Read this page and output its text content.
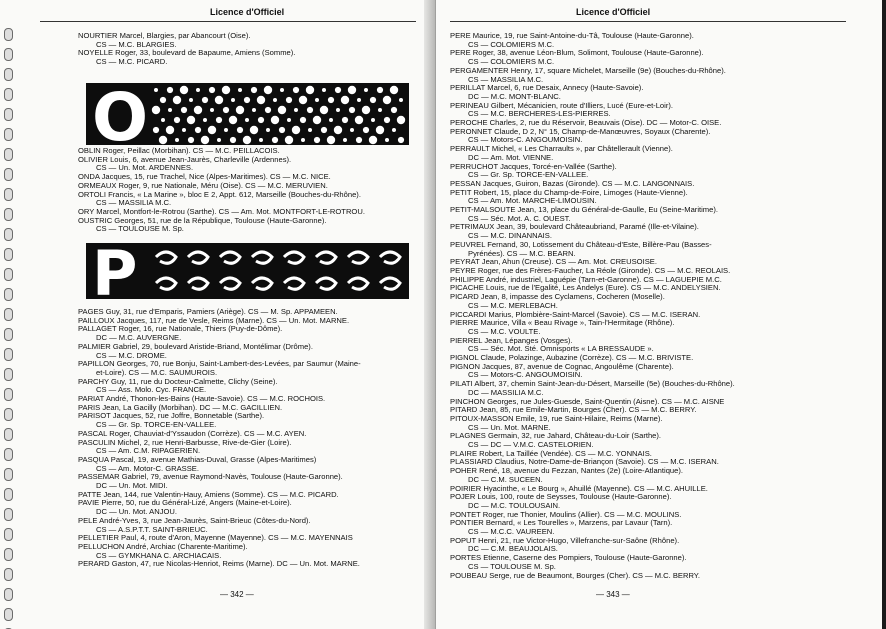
Licence d'Officiel
NOURTIER Marcel, Blargies, par Abancourt (Oise).
CS — M.C. BLARGIES.
NOYELLE Roger, 33, boulevard de Bapaume, Amiens (Somme).
CS — M.C. PICARD.
O
OBLIN Roger, Peillac (Morbihan). CS — M.C. PEILLACOIS.
OLIVIER Louis, 6, avenue Jean-Jaurès, Charleville (Ardennes).
CS — Un. Mot. ARDENNES.
ONDA Jacques, 15, rue Trachel, Nice (Alpes-Maritimes). CS — M.C. NICE.
ORMEAUX Roger, 9, rue Nationale, Méru (Oise). CS — M.C. MERUVIEN.
ORTOLI Francis, « La Marine », bloc E 2, Appt. 612, Marseille (Bouches-du-Rhône).
CS — MASSILIA M.C.
ORY Marcel, Montfort-le-Rotrou (Sarthe). CS — Am. Mot. MONTFORT-LE-ROTROU.
OUSTRIC Georges, 51, rue de la République, Toulouse (Haute-Garonne).
CS — TOULOUSE M. Sp.
P
PAGES Guy, 31, rue d'Emparis, Pamiers (Ariège). CS — M. Sp. APPAMEEN.
PAILLOUX Jacques, 117, rue de Vesle, Reims (Marne). CS — Un. Mot. MARNE.
PALLAGET Roger, 16, rue Nationale, Thiers (Puy-de-Dôme).
DC — M.C. AUVERGNE.
PALMIER Gabriel, 29, boulevard Aristide-Briand, Montélimar (Drôme).
CS — M.C. DROME.
PAPILLON Georges, 70, rue Bonju, Saint-Lambert-des-Levées, par Saumur (Maine-
et-Loire). CS — M.C. SAUMUROIS.
PARCHY Guy, 11, rue du Docteur-Calmette, Clichy (Seine).
CS — Ass. Molo. Cyc. FRANCE.
PARIAT André, Thonon-les-Bains (Haute-Savoie). CS — M.C. ROCHOIS.
PARIS Jean, La Gacilly (Morbihan). DC — M.C. GACILLIEN.
PARISOT Jacques, 52, rue Joffre, Bonnetable (Sarthe).
CS — Gr. Sp. TORCE-EN-VALLEE.
PASCAL Roger, Chauviat-d'Yssaudon (Corrèze). CS — M.C. AYEN.
PASCULIN Michel, 2, rue Henri-Barbusse, Rive-de-Gier (Loire).
CS — Am. C.M. RIPAGERIEN.
PASQUA Pascal, 19, avenue Mathias-Duval, Grasse (Alpes-Maritimes)
CS — Am. Motor-C. GRASSE.
PASSEMAR Gabriel, 79, avenue Raymond-Navès, Toulouse (Haute-Garonne).
DC — Un. Mot. MIDI.
PATTE Jean, 144, rue Valentin-Hauy, Amiens (Somme). CS — M.C. PICARD.
PAVIE Pierre, 50, rue du Général-Lizé, Angers (Maine-et-Loire).
DC — Un. Mot. ANJOU.
PELE André-Yves, 3, rue Jean-Jaurès, Saint-Brieuc (Côtes-du-Nord).
CS — A.S.P.T.T. SAINT-BRIEUC.
PELLETIER Paul, 4, route d'Aron, Mayenne (Mayenne). CS — M.C. MAYENNAIS
PELLUCHON André, Archiac (Charente-Maritime).
CS — GYMKHANA C. ARCHIACAIS.
PERARD Gaston, 47, rue Nicolas-Henriot, Reims (Marne). DC — Un. Mot. MARNE.
— 342 —
Licence d'Officiel
PERE Maurice, 19, rue Saint-Antoine-du-Tâ, Toulouse (Haute-Garonne).
CS — COLOMIERS M.C.
PERE Roger, 38, avenue Léon-Blum, Solimont, Toulouse (Haute-Garonne).
CS — COLOMIERS M.C.
PERGAMENTER Henry, 17, square Michelet, Marseille (9e) (Bouches-du-Rhône).
CS — MASSILIA M.C.
PERILLAT Marcel, 6, rue Desaix, Annecy (Haute-Savoie).
DC — M.C. MONT-BLANC.
PERINEAU Gilbert, Mécanicien, route d'Illiers, Lucé (Eure-et-Loir).
CS — M.C. BERCHERES-LES-PIERRES.
PEROCHE Charles, 2, rue du Réservoir, Beauvais (Oise). DC — Motor-C. OISE.
PERONNET Claude, D 2, N° 15, Champ-de-Manœuvres, Soyaux (Charente).
CS — Motors-C. ANGOUMOISIN.
PERRAULT Michel, « Les Charraults », par Châtellerault (Vienne).
DC — Am. Mot. VIENNE.
PERRUCHOT Jacques, Torcé-en-Vallée (Sarthe).
CS — Gr. Sp. TORCE-EN-VALLEE.
PESSAN Jacques, Guiron, Bazas (Gironde). CS — M.C. LANGONNAIS.
PETIT Robert, 15, place du Champ-de-Foire, Limoges (Haute-Vienne).
CS — Am. Mot. MARCHE-LIMOUSIN.
PETIT-MALSOUTE Jean, 13, place du Général-de-Gaulle, Eu (Seine-Maritime).
CS — Séc. Mot. A. C. OUEST.
PETRIMAUX Jean, 39, boulevard Châteaubriand, Paramé (Ille-et-Vilaine).
CS — M.C. DINANNAIS.
PEUVREL Fernand, 30, Lotissement du Château-d'Este, Billère-Pau (Basses-
Pyrénées). CS — M.C. BEARN.
PEYRAT Jean, Ahun (Creuse). CS — Am. Mot. CREUSOISE.
PEYRE Roger, rue des Frères-Faucher, La Réole (Gironde). CS — M.C. REOLAIS.
PHILIPPE André, industriel, Laguépie (Tarn-et-Garonne). CS — LAGUEPIE M.C.
PICACHE Louis, rue de l'Egalité, Les Andelys (Eure). CS — M.C. ANDELYSIEN.
PICARD Jean, 8, impasse des Cyclamens, Cocheren (Moselle).
CS — M.C. MERLEBACH.
PICCARDI Marius, Plombière-Saint-Marcel (Savoie). CS — M.C. ISERAN.
PIERRE Maurice, Villa « Beau Rivage », Tain-l'Hermitage (Rhône).
CS — M.C. VOULTE.
PIERREL Jean, Lépanges (Vosges).
CS — Séc. Mot. Sté. Omnisports « LA BRESSAUDE ».
PIGNOL Claude, Polazinge, Aubazine (Corrèze). CS — M.C. BRIVISTE.
PIGNON Jacques, 87, avenue de Cognac, Angoulême (Charente).
CS — Motors-C. ANGOUMOISIN.
PILATI Albert, 37, chemin Saint-Jean-du-Désert, Marseille (5e) (Bouches-du-Rhône).
DC — MASSILIA M.C.
PINCHON Georges, rue Jules-Guesde, Saint-Quentin (Aisne). CS — M.C. AISNE
PITARD Jean, 85, rue Emile-Martin, Bourges (Cher). CS — M.C. BERRY.
PITOUX-MASSON Emile, 19, rue Saint-Hilaire, Reims (Marne).
CS — Un. Mot. MARNE.
PLAGNES Germain, 32, rue Jahard, Château-du-Loir (Sarthe).
CS — DC — V.M.C. CASTELORIEN.
PLAIRE Robert, La Taillée (Vendée). CS — M.C. YONNAIS.
PLASSIARD Claudius, Notre-Dame-de-Briançon (Savoie). CS — M.C. ISERAN.
POHER René, 18, avenue du Fezzan, Nantes (2e) (Loire-Atlantique).
DC — C.M. SUCEEN.
POIRIER Hyacinthe, « Le Bourg », Ahuillé (Mayenne). CS — M.C. AHUILLE.
POJER Louis, 100, route de Seysses, Toulouse (Haute-Garonne).
DC — M.C. TOULOUSAIN.
PONTET Roger, rue Thonier, Moulins (Allier). CS — M.C. MOULINS.
PONTIER Bernard, « Les Tourelles », Marzens, par Lavaur (Tarn).
CS — M.C.C. VAUREEN.
POPUT Henri, 21, rue Victor-Hugo, Villefranche-sur-Saône (Rhône).
DC — C.M. BEAUJOLAIS.
PORTES Etienne, Caserne des Pompiers, Toulouse (Haute-Garonne).
CS — TOULOUSE M. Sp.
POUBEAU Serge, rue de Beaumont, Bourges (Cher). CS — M.C. BERRY.
— 343 —
